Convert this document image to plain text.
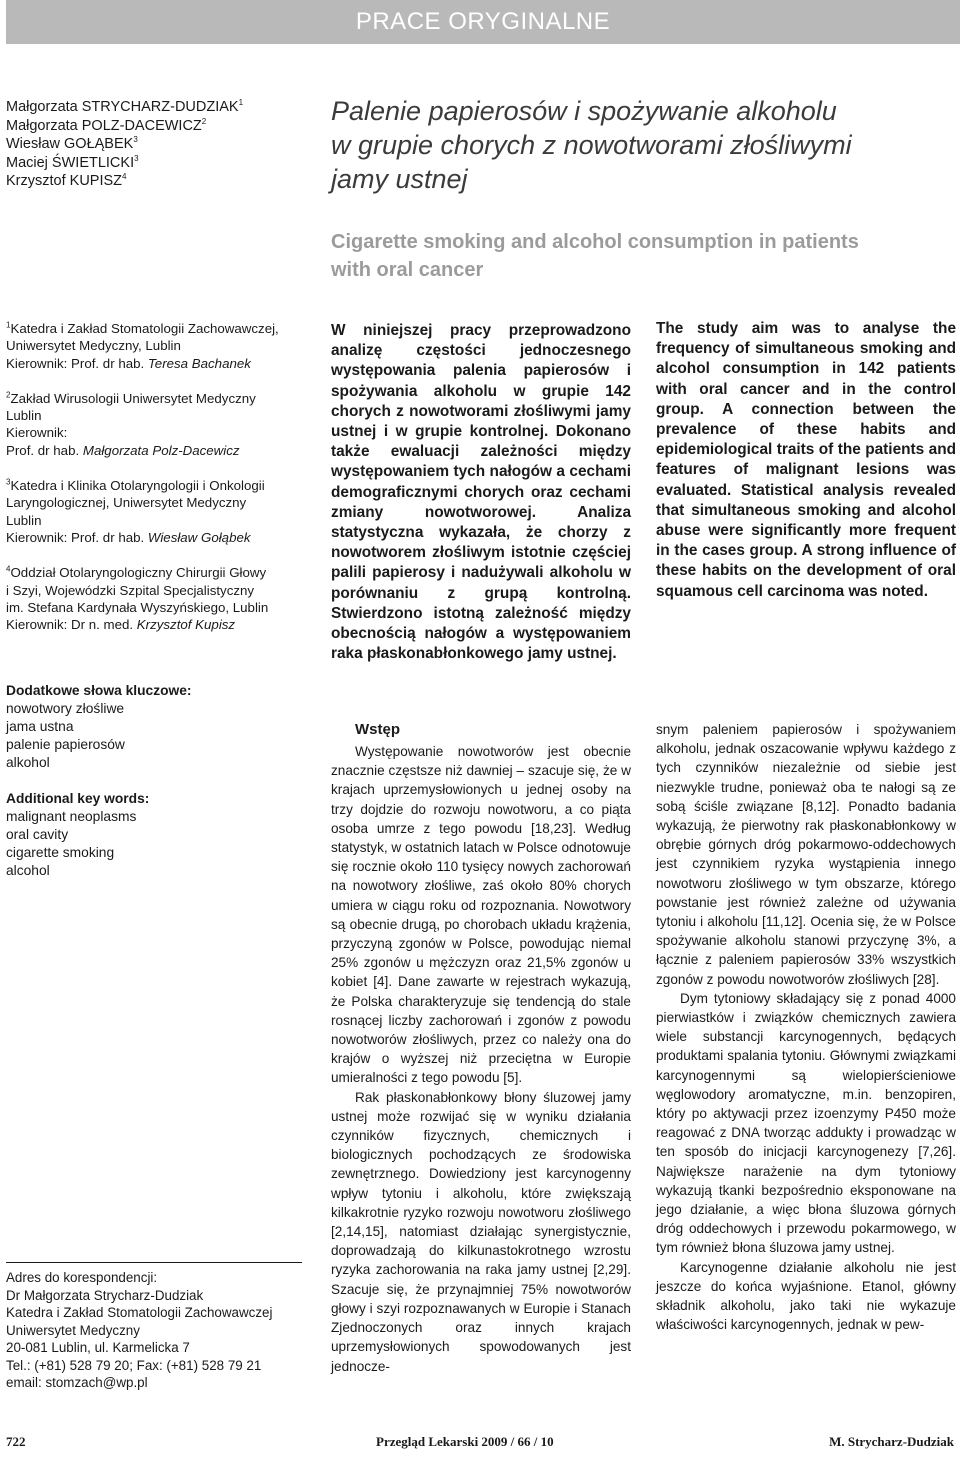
PRACE ORYGINALNE
Małgorzata STRYCHARZ-DUDZIAK$^1$
Małgorzata POLZ-DACEWICZ$^2$
Wiesław GOŁĄBEK$^3$
Maciej ŚWIETLICKI$^3$
Krzysztof KUPISZ$^4$
Palenie papierosów i spożywanie alkoholu
w grupie chorych z nowotworami złośliwymi
jamy ustnej
Cigarette smoking and alcohol consumption in patients
with oral cancer
$^1$Katedra i Zakład Stomatologii Zachowawczej,
Uniwersytet Medyczny, Lublin
Kierownik: Prof. dr hab. Teresa Bachanek
$^2$Zakład Wirusologii Uniwersytet Medyczny
Lublin
Kierownik:
Prof. dr hab. Małgorzata Polz-Dacewicz
$^3$Katedra i Klinika Otolaryngologii i Onkologii
Laryngologicznej, Uniwersytet Medyczny
Lublin
Kierownik: Prof. dr hab. Wiesław Gołąbek
$^4$Oddział Otolaryngologiczny Chirurgii Głowy
i Szyi, Wojewódzki Szpital Specjalistyczny
im. Stefana Kardynała Wyszyńskiego, Lublin
Kierownik: Dr n. med. Krzysztof Kupisz
Dodatkowe słowa kluczowe:
nowotwory złośliwe
jama ustna
palenie papierosów
alkohol
Additional key words:
malignant neoplasms
oral cavity
cigarette smoking
alcohol
Adres do korespondencji:
Dr Małgorzata Strycharz-Dudziak
Katedra i Zakład Stomatologii Zachowawczej
Uniwersytet Medyczny
20-081 Lublin, ul. Karmelicka 7
Tel.: (+81) 528 79 20; Fax: (+81) 528 79 21
email: stomzach@wp.pl
W niniejszej pracy przeprowadzono analizę częstości jednoczesnego występowania palenia papierosów i spożywania alkoholu w grupie 142 chorych z nowotworami złośliwymi jamy ustnej i w grupie kontrolnej. Dokonano także ewaluacji zależności między występowaniem tych nałogów a cechami demograficznymi chorych oraz cechami zmiany nowotworowej. Analiza statystyczna wykazała, że chorzy z nowotworem złośliwym istotnie częściej palili papierosy i nadużywali alkoholu w porównaniu z grupą kontrolną. Stwierdzono istotną zależność między obecnością nałogów a występowaniem raka płaskonabłonkowego jamy ustnej.
The study aim was to analyse the frequency of simultaneous smoking and alcohol consumption in 142 patients with oral cancer and in the control group. A connection between the prevalence of these habits and epidemiological traits of the patients and features of malignant lesions was evaluated. Statistical analysis revealed that simultaneous smoking and alcohol abuse were significantly more frequent in the cases group. A strong influence of these habits on the development of oral squamous cell carcinoma was noted.
Wstęp

Występowanie nowotworów jest obecnie znacznie częstsze niż dawniej – szacuje się, że w krajach uprzemysłowionych u jednej osoby na trzy dojdzie do rozwoju nowotworu, a co piąta osoba umrze z tego powodu [18,23]. Według statystyk, w ostatnich latach w Polsce odnotowuje się rocznie około 110 tysięcy nowych zachorowań na nowotwory złośliwe, zaś około 80% chorych umiera w ciągu roku od rozpoznania. Nowotwory są obecnie drugą, po chorobach układu krążenia, przyczyną zgonów w Polsce, powodując niemal 25% zgonów u mężczyzn oraz 21,5% zgonów u kobiet [4]. Dane zawarte w rejestrach wykazują, że Polska charakteryzuje się tendencją do stale rosnącej liczby zachorowań i zgonów z powodu nowotworów złośliwych, przez co należy ona do krajów o wyższej niż przeciętna w Europie umieralności z tego powodu [5].

Rak płaskonabłonkowy błony śluzowej jamy ustnej może rozwijać się w wyniku działania czynników fizycznych, chemicznych i biologicznych pochodzących ze środowiska zewnętrznego. Dowiedziony jest karcynogenny wpływ tytoniu i alkoholu, które zwiększają kilkakrotnie ryzyko rozwoju nowotworu złośliwego [2,14,15], natomiast działając synergistycznie, doprowadzają do kilkunastokrotnego wzrostu ryzyka zachorowania na raka jamy ustnej [2,29]. Szacuje się, że przynajmniej 75% nowotworów głowy i szyi rozpoznawanych w Europie i Stanach Zjednoczonych oraz innych krajach uprzemysłowionych spowodowanych jest jednocze-

snym paleniem papierosów i spożywaniem alkoholu, jednak oszacowanie wpływu każdego z tych czynników niezależnie od siebie jest niezwykle trudne, ponieważ oba te nałogi są ze sobą ściśle związane [8,12]. Ponadto badania wykazują, że pierwotny rak płaskonabłonkowy w obrębie górnych dróg pokarmowo-oddechowych jest czynnikiem ryzyka wystąpienia innego nowotworu złośliwego w tym obszarze, którego powstanie jest również zależne od używania tytoniu i alkoholu [11,12]. Ocenia się, że w Polsce spożywanie alkoholu stanowi przyczynę 3%, a łącznie z paleniem papierosów 33% wszystkich zgonów z powodu nowotworów złośliwych [28].

Dym tytoniowy składający się z ponad 4000 pierwiastków i związków chemicznych zawiera wiele substancji karcynogennych, będących produktami spalania tytoniu. Głównymi związkami karcynogennymi są wielopierścieniowe węglowodory aromatyczne, m.in. benzopiren, który po aktywacji przez izoenzymy P450 może reagować z DNA tworząc addukty i prowadząc w ten sposób do inicjacji karcynogenezy [7,26]. Największe narażenie na dym tytoniowy wykazują tkanki bezpośrednio eksponowane na jego działanie, a więc błona śluzowa górnych dróg oddechowych i przewodu pokarmowego, w tym również błona śluzowa jamy ustnej.

Karcynogenne działanie alkoholu nie jest jeszcze do końca wyjaśnione. Etanol, główny składnik alkoholu, jako taki nie wykazuje właściwości karcynogennych, jednak w pew-

722	Przegląd Lekarski 2009 / 66 / 10	M. Strycharz-Dudziak
